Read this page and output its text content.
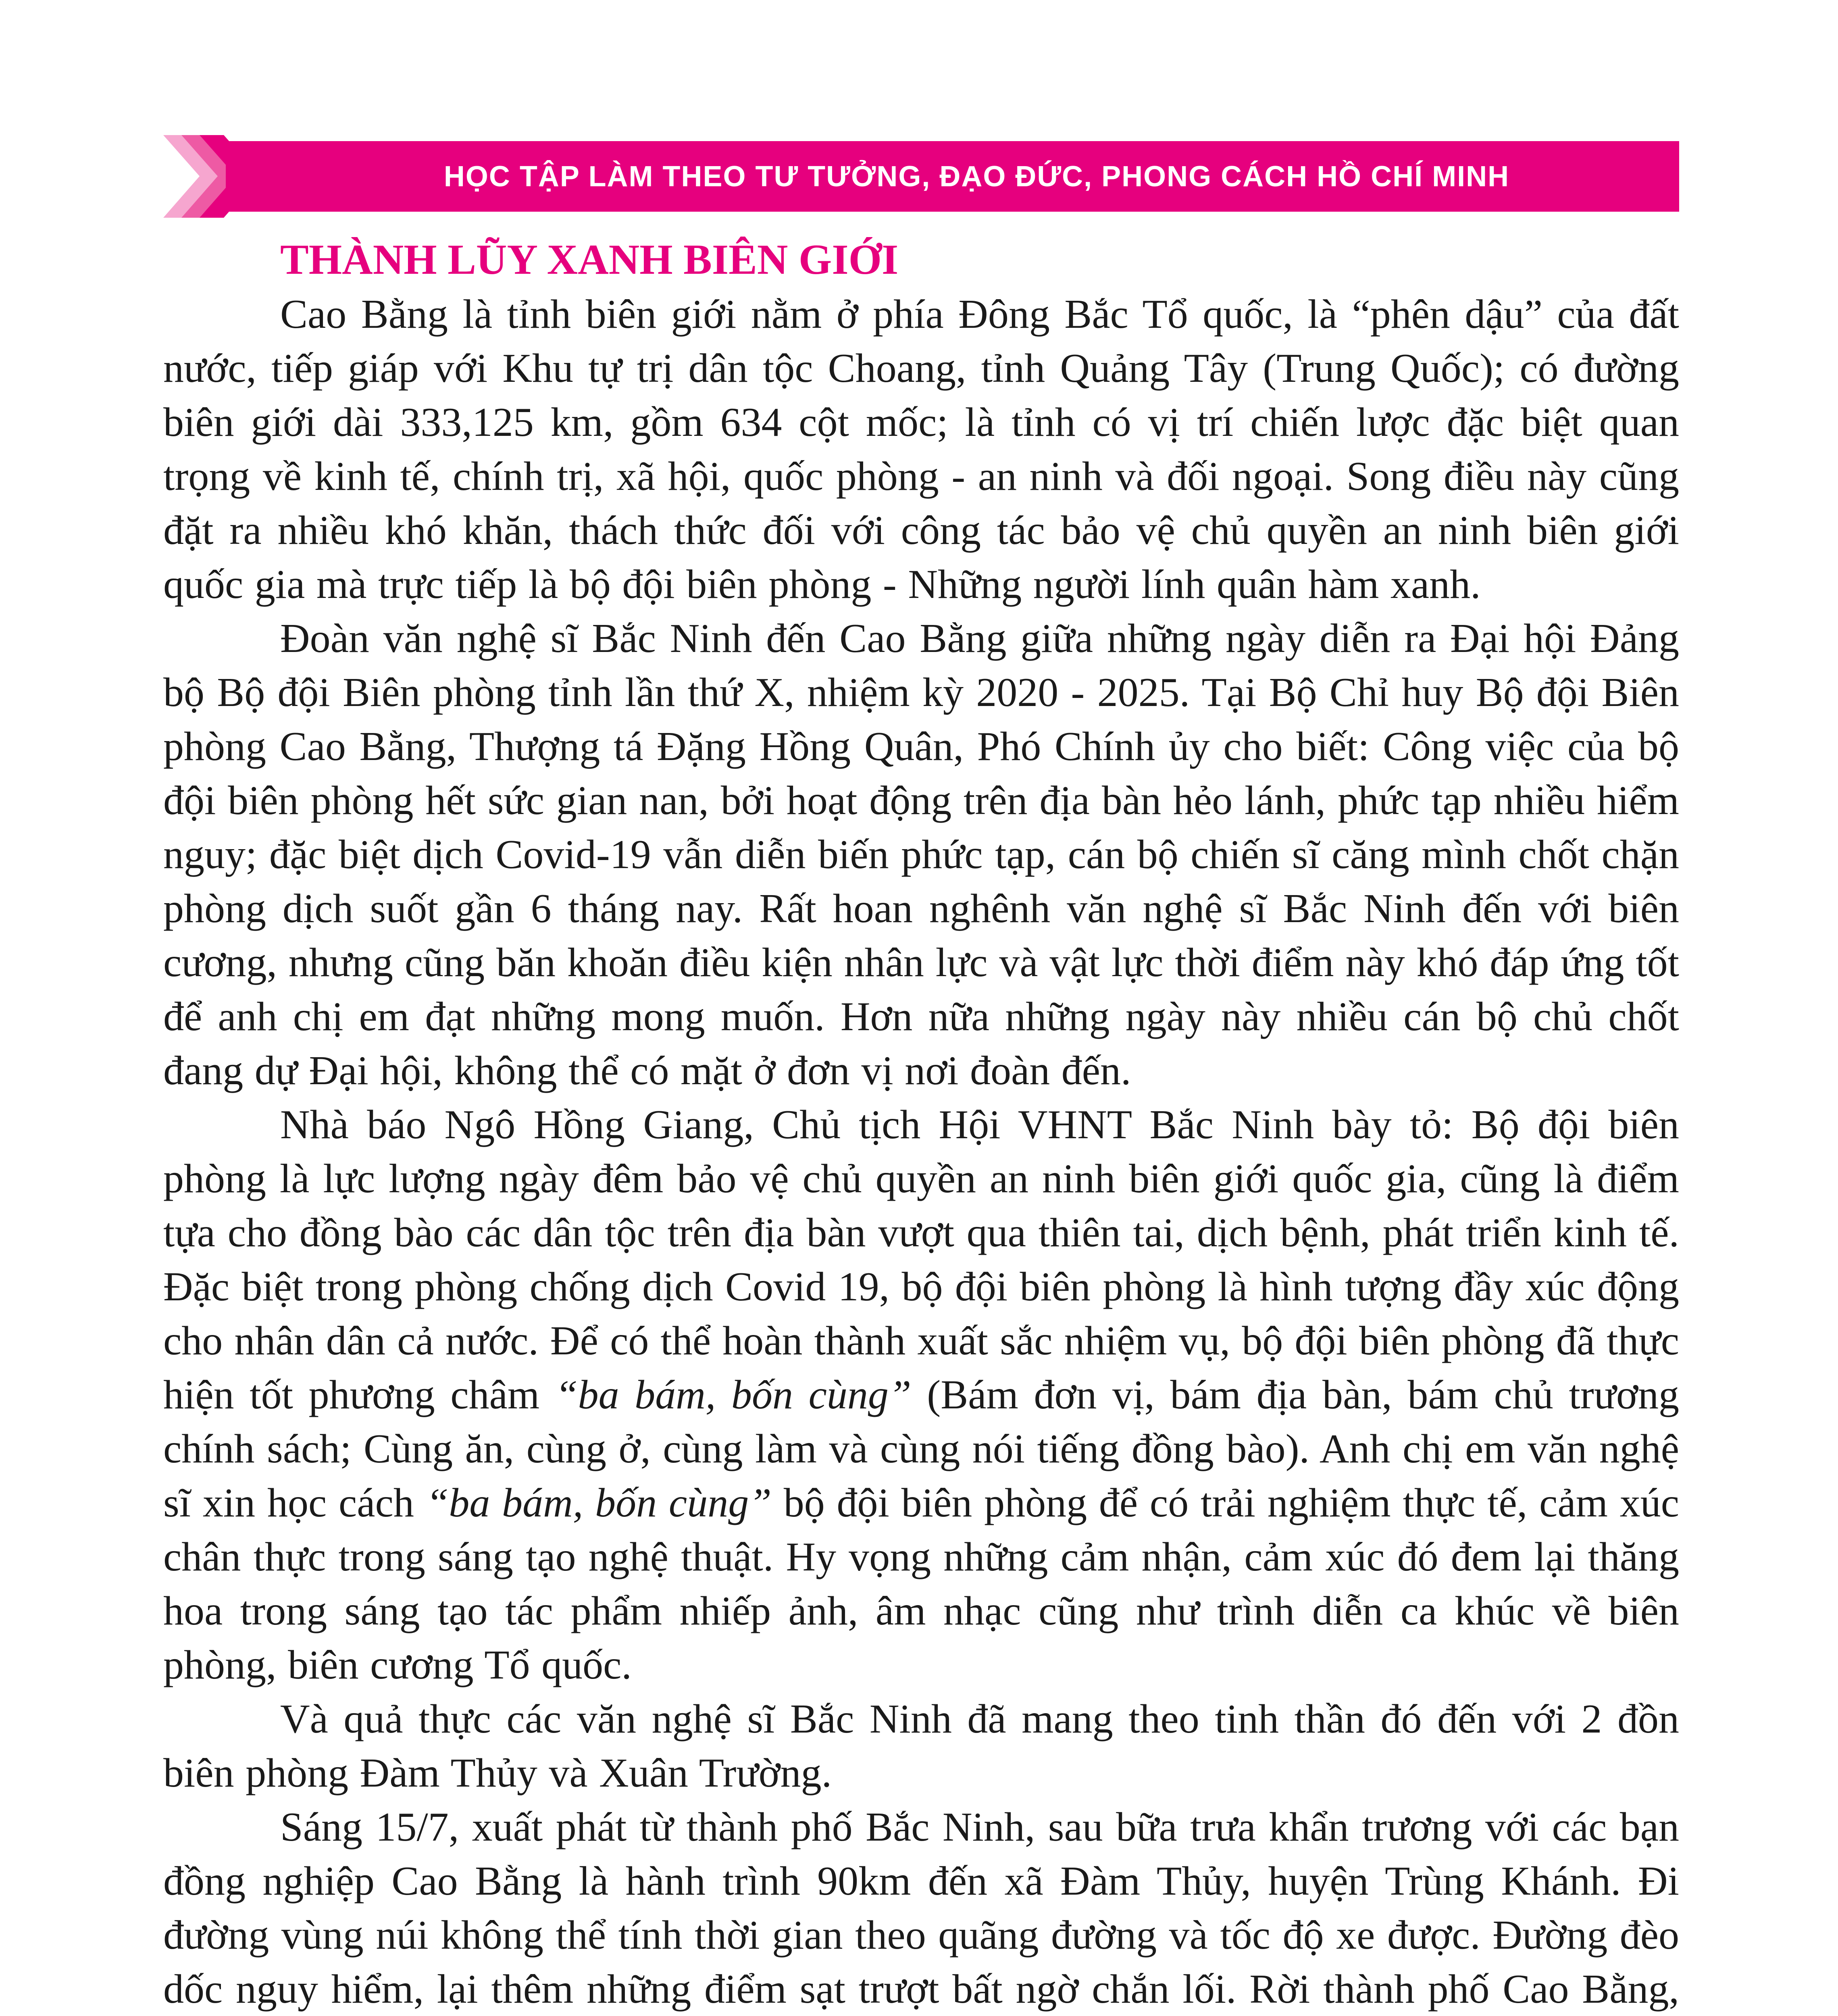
HỌC TẬP LÀM THEO TƯ TƯỞNG, ĐẠO ĐỨC, PHONG CÁCH HỒ CHÍ MINH
THÀNH LŨY XANH BIÊN GIỚI

Cao Bằng là tỉnh biên giới nằm ở phía Đông Bắc Tổ quốc, là “phên dậu” của đất nước, tiếp giáp với Khu tự trị dân tộc Choang, tỉnh Quảng Tây (Trung Quốc); có đường biên giới dài 333,125 km, gồm 634 cột mốc; là tỉnh có vị trí chiến lược đặc biệt quan trọng về kinh tế, chính trị, xã hội, quốc phòng - an ninh và đối ngoại. Song điều này cũng đặt ra nhiều khó khăn, thách thức đối với công tác bảo vệ chủ quyền an ninh biên giới quốc gia mà trực tiếp là bộ đội biên phòng - Những người lính quân hàm xanh.

Đoàn văn nghệ sĩ Bắc Ninh đến Cao Bằng giữa những ngày diễn ra Đại hội Đảng bộ Bộ đội Biên phòng tỉnh lần thứ X, nhiệm kỳ 2020 - 2025. Tại Bộ Chỉ huy Bộ đội Biên phòng Cao Bằng, Thượng tá Đặng Hồng Quân, Phó Chính ủy cho biết: Công việc của bộ đội biên phòng hết sức gian nan, bởi hoạt động trên địa bàn hẻo lánh, phức tạp nhiều hiểm nguy; đặc biệt dịch Covid-19 vẫn diễn biến phức tạp, cán bộ chiến sĩ căng mình chốt chặn phòng dịch suốt gần 6 tháng nay. Rất hoan nghênh văn nghệ sĩ Bắc Ninh đến với biên cương, nhưng cũng băn khoăn điều kiện nhân lực và vật lực thời điểm này khó đáp ứng tốt để anh chị em đạt những mong muốn. Hơn nữa những ngày này nhiều cán bộ chủ chốt đang dự Đại hội, không thể có mặt ở đơn vị nơi đoàn đến.

Nhà báo Ngô Hồng Giang, Chủ tịch Hội VHNT Bắc Ninh bày tỏ: Bộ đội biên phòng là lực lượng ngày đêm bảo vệ chủ quyền an ninh biên giới quốc gia, cũng là điểm tựa cho đồng bào các dân tộc trên địa bàn vượt qua thiên tai, dịch bệnh, phát triển kinh tế. Đặc biệt trong phòng chống dịch Covid 19, bộ đội biên phòng là hình tượng đầy xúc động cho nhân dân cả nước. Để có thể hoàn thành xuất sắc nhiệm vụ, bộ đội biên phòng đã thực hiện tốt phương châm “ba bám, bốn cùng” (Bám đơn vị, bám địa bàn, bám chủ trương chính sách; Cùng ăn, cùng ở, cùng làm và cùng nói tiếng đồng bào). Anh chị em văn nghệ sĩ xin học cách “ba bám, bốn cùng” bộ đội biên phòng để có trải nghiệm thực tế, cảm xúc chân thực trong sáng tạo nghệ thuật. Hy vọng những cảm nhận, cảm xúc đó đem lại thăng hoa trong sáng tạo tác phẩm nhiếp ảnh, âm nhạc cũng như trình diễn ca khúc về biên phòng, biên cương Tổ quốc.

Và quả thực các văn nghệ sĩ Bắc Ninh đã mang theo tinh thần đó đến với 2 đồn biên phòng Đàm Thủy và Xuân Trường.

Sáng 15/7, xuất phát từ thành phố Bắc Ninh, sau bữa trưa khẩn trương với các bạn đồng nghiệp Cao Bằng là hành trình 90km đến xã Đàm Thủy, huyện Trùng Khánh. Đi đường vùng núi không thể tính thời gian theo quãng đường và tốc độ xe được. Đường đèo dốc nguy hiểm, lại thêm những điểm sạt trượt bất ngờ chắn lối. Rời thành phố Cao Bằng,
